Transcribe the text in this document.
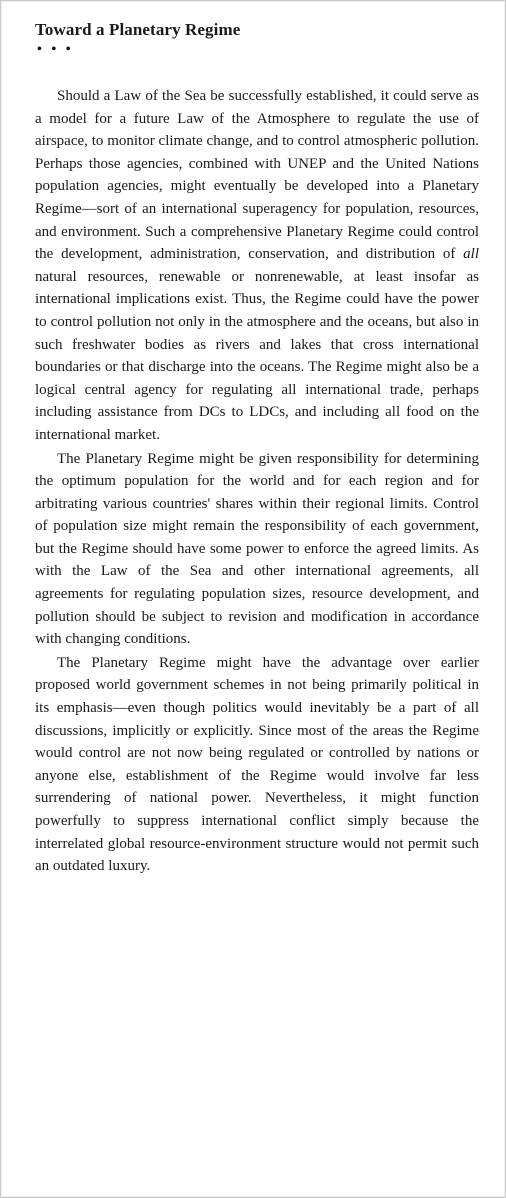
Toward a Planetary Regime
• • •

Should a Law of the Sea be successfully established, it could serve as a model for a future Law of the Atmosphere to regulate the use of airspace, to monitor climate change, and to control atmospheric pollution. Perhaps those agencies, combined with UNEP and the United Nations population agencies, might eventually be developed into a Planetary Regime—sort of an international superagency for population, resources, and environment. Such a comprehensive Planetary Regime could control the development, administration, conservation, and distribution of all natural resources, renewable or nonrenewable, at least insofar as international implications exist. Thus, the Regime could have the power to control pollution not only in the atmosphere and the oceans, but also in such freshwater bodies as rivers and lakes that cross international boundaries or that discharge into the oceans. The Regime might also be a logical central agency for regulating all international trade, perhaps including assistance from DCs to LDCs, and including all food on the international market.

The Planetary Regime might be given responsibility for determining the optimum population for the world and for each region and for arbitrating various countries' shares within their regional limits. Control of population size might remain the responsibility of each government, but the Regime should have some power to enforce the agreed limits. As with the Law of the Sea and other international agreements, all agreements for regulating population sizes, resource development, and pollution should be subject to revision and modification in accordance with changing conditions.

The Planetary Regime might have the advantage over earlier proposed world government schemes in not being primarily political in its emphasis—even though politics would inevitably be a part of all discussions, implicitly or explicitly. Since most of the areas the Regime would control are not now being regulated or controlled by nations or anyone else, establishment of the Regime would involve far less surrendering of national power. Nevertheless, it might function powerfully to suppress international conflict simply because the interrelated global resource-environment structure would not permit such an outdated luxury.
